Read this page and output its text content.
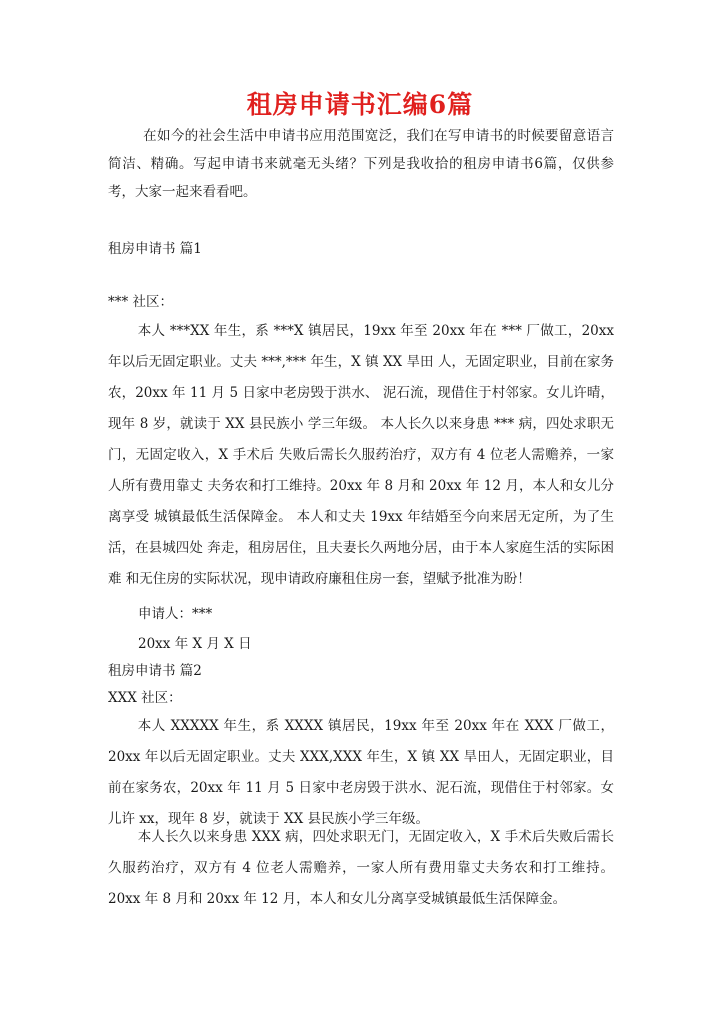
租房申请书汇编6篇

在如今的社会生活中申请书应用范围宽泛，我们在写申请书的时候要留意语言简洁、精确。写起申请书来就毫无头绪？下列是我收拾的租房申请书6篇，仅供参考，大家一起来看看吧。

租房申请书 篇1

*** 社区：

本人 ***XX 年生，系 ***X 镇居民，19xx 年至 20xx 年在 *** 厂做工，20xx 年以后无固定职业。丈夫 ***,*** 年生，X 镇 XX 旱田 人，无固定职业，目前在家务农，20xx 年 11 月 5 日家中老房毁于洪水、 泥石流，现借住于村邻家。女儿许晴，现年 8 岁，就读于 XX 县民族小 学三年级。 本人长久以来身患 *** 病，四处求职无门，无固定收入，X 手术后 失败后需长久服药治疗，双方有 4 位老人需赡养，一家人所有费用靠丈 夫务农和打工维持。20xx 年 8 月和 20xx 年 12 月，本人和女儿分离享受 城镇最低生活保障金。 本人和丈夫 19xx 年结婚至今向来居无定所，为了生活，在县城四处 奔走，租房居住，且夫妻长久两地分居，由于本人家庭生活的实际困难 和无住房的实际状况，现申请政府廉租住房一套，望赋予批准为盼！

申请人：***

20xx 年 X 月 X 日

租房申请书 篇2

XXX 社区：

本人 XXXXX 年生，系 XXXX 镇居民，19xx 年至 20xx 年在 XXX 厂做工，20xx 年以后无固定职业。丈夫 XXX,XXX 年生，X 镇 XX 旱田人，无固定职业，目前在家务农，20xx 年 11 月 5 日家中老房毁于洪水、泥石流，现借住于村邻家。女儿许 xx，现年 8 岁，就读于 XX 县民族小学三年级。

本人长久以来身患 XXX 病，四处求职无门，无固定收入，X 手术后失败后需长久服药治疗，双方有 4 位老人需赡养，一家人所有费用靠丈夫务农和打工维持。20xx 年 8 月和 20xx 年 12 月，本人和女儿分离享受城镇最低生活保障金。
